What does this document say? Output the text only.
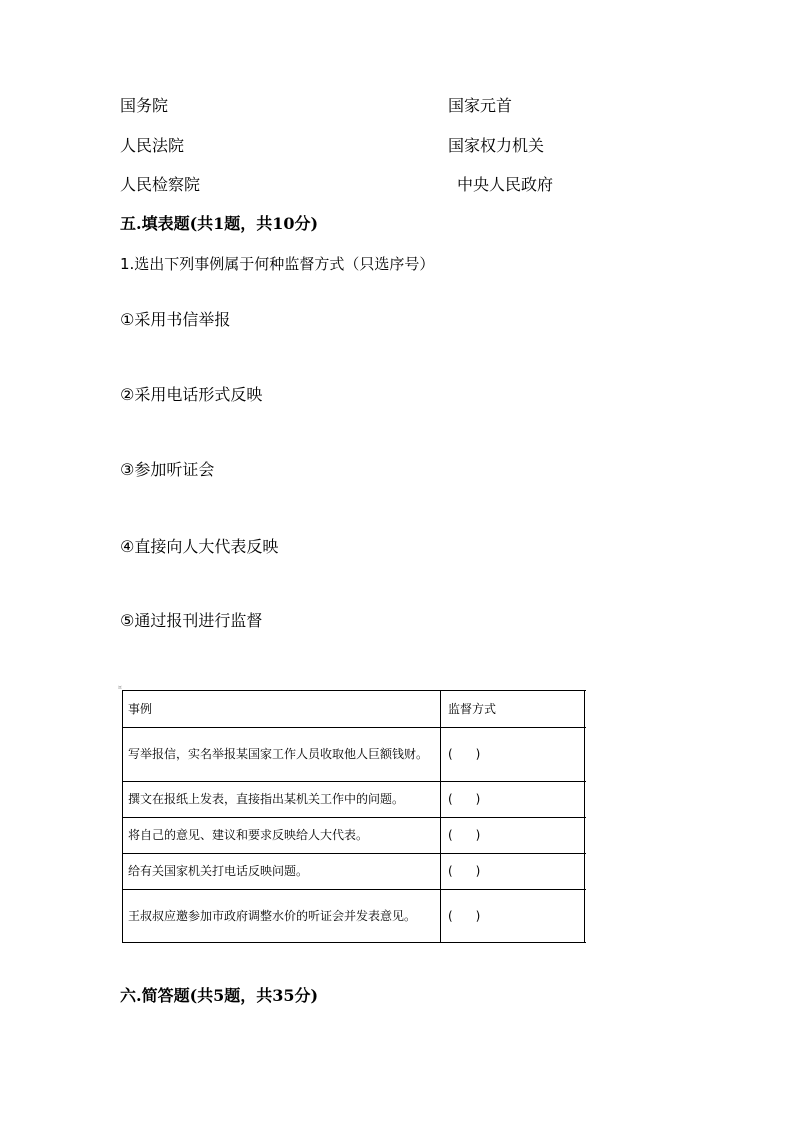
国务院	国家元首
人民法院	国家权力机关
人民检察院	中央人民政府
五.填表题(共1题，共10分)
1.选出下列事例属于何种监督方式（只选序号）
①采用书信举报
②采用电话形式反映
③参加听证会
④直接向人大代表反映
⑤通过报刊进行监督
¤
事例	监督方式	
写举报信，实名举报某国家工作人员收取他人巨额钱财。	(      )	
撰文在报纸上发表，直接指出某机关工作中的问题。	(      )	
将自己的意见、建议和要求反映给人大代表。	(      )	
给有关国家机关打电话反映问题。	(      )	
王叔叔应邀参加市政府调整水价的听证会并发表意见。	(      )	
六.简答题(共5题，共35分)
